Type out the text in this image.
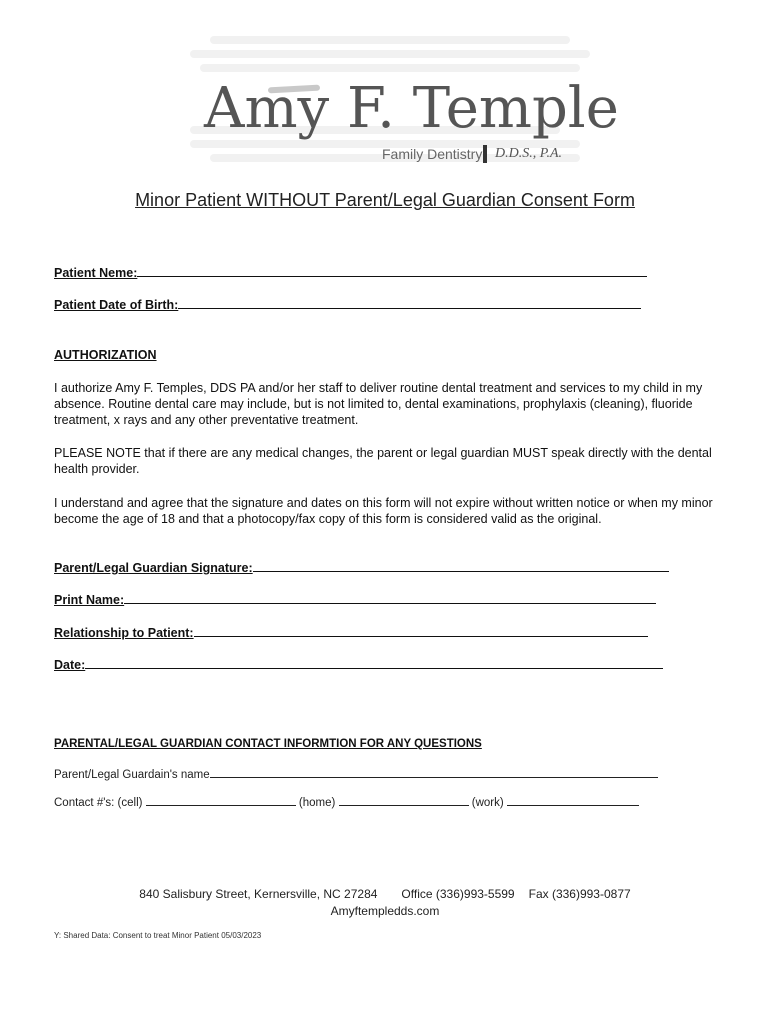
Amy F. Temple
Family Dentistry D.D.S., P.A.
Minor Patient WITHOUT Parent/Legal Guardian Consent Form
Patient Neme:
Patient Date of Birth:
AUTHORIZATION
I authorize Amy F. Temples, DDS PA and/or her staff to deliver routine dental treatment and services to my child in my absence. Routine dental care may include, but is not limited to, dental examinations, prophylaxis (cleaning), fluoride treatment, x rays and any other preventative treatment.
PLEASE NOTE that if there are any medical changes, the parent or legal guardian MUST speak directly with the dental health provider.
I understand and agree that the signature and dates on this form will not expire without written notice or when my minor become the age of 18 and that a photocopy/fax copy of this form is considered valid as the original.
Parent/Legal Guardian Signature:
Print Name:
Relationship to Patient:
Date:
PARENTAL/LEGAL GUARDIAN CONTACT INFORMTION FOR ANY QUESTIONS
Parent/Legal Guardain's name
Contact #'s: (cell)	(home)	(work)
840 Salisbury Street, Kernersville, NC 27284 Office (336)993-5599 Fax (336)993-0877
Amyftempledds.com
Y: Shared Data: Consent to treat Minor Patient 05/03/2023
